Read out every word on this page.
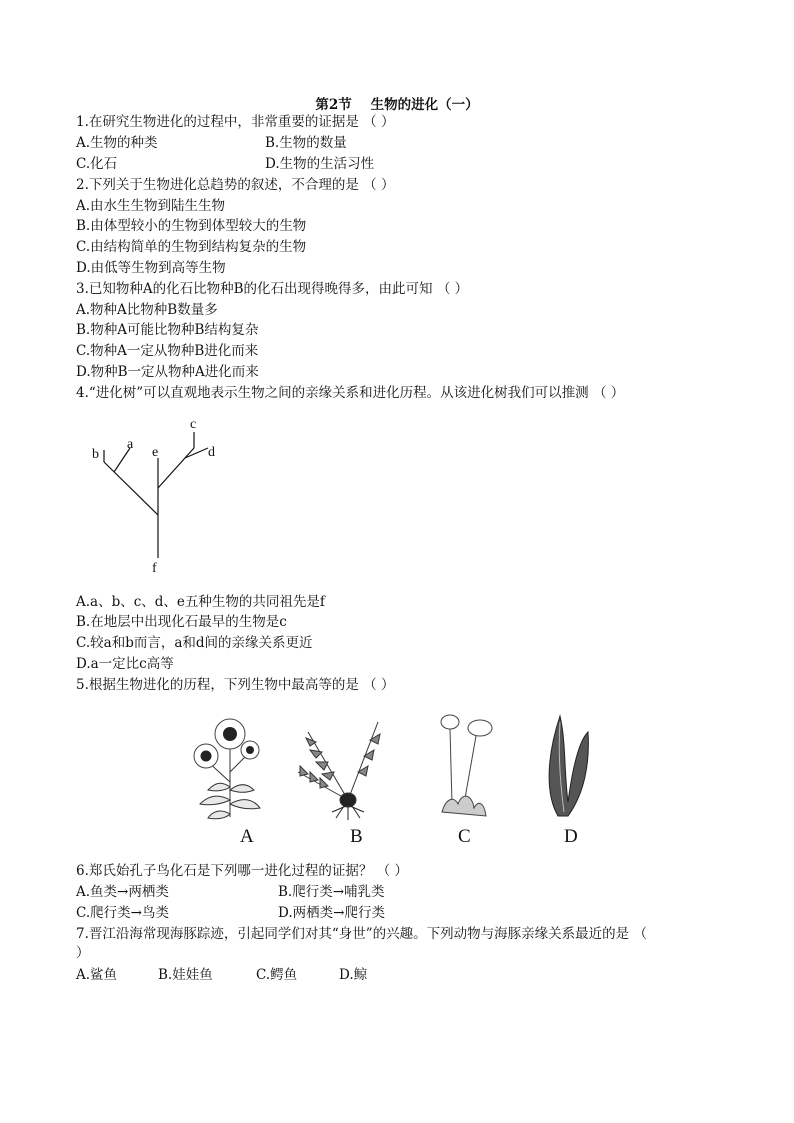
第2节    生物的进化（一）
1.在研究生物进化的过程中，非常重要的证据是 （ ）
A.生物的种类	B.生物的数量
C.化石	D.生物的生活习性
2.下列关于生物进化总趋势的叙述，不合理的是 （ ）
A.由水生生物到陆生生物
B.由体型较小的生物到体型较大的生物
C.由结构简单的生物到结构复杂的生物
D.由低等生物到高等生物
3.已知物种A的化石比物种B的化石出现得晚得多，由此可知 （ ）
A.物种A比物种B数量多
B.物种A可能比物种B结构复杂
C.物种A一定从物种B进化而来
D.物种B一定从物种A进化而来
4.“进化树”可以直观地表示生物之间的亲缘关系和进化历程。从该进化树我们可以推测 （ ）
a
b
c
d
e
f
A.a、b、c、d、e五种生物的共同祖先是f
B.在地层中出现化石最早的生物是c
C.较a和b而言，a和d间的亲缘关系更近
D.a一定比c高等
5.根据生物进化的历程，下列生物中最高等的是 （ ）
A	B	C	D
6.郑氏始孔子鸟化石是下列哪一进化过程的证据？ （ ）
A.鱼类→两栖类	B.爬行类→哺乳类
C.爬行类→鸟类	D.两栖类→爬行类
7.晋江沿海常现海豚踪迹，引起同学们对其“身世”的兴趣。下列动物与海豚亲缘关系最近的是 （
）
A.鲨鱼	B.娃娃鱼	C.鳄鱼	D.鲸
